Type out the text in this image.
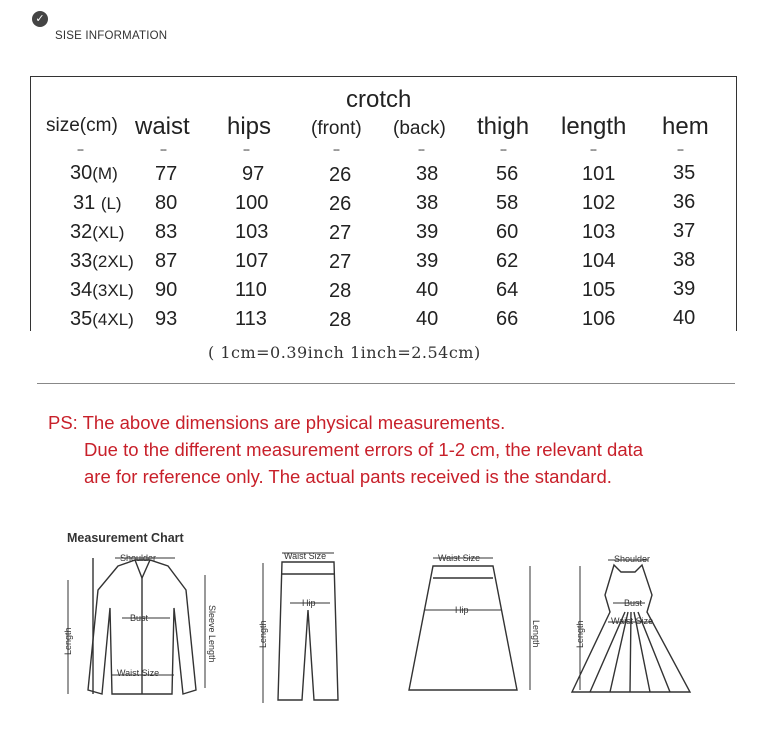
✓
SISE INFORMATION
crotch
size(cm) waist hips (front) (back) thigh length hem
--	--	--	--	--	--	--	--
30(M) 77	97	26	38	56	101	35
31 (L) 80	100	26	38	58	102	36
32(XL) 83	103	27	39	60	103	37
33(2XL) 87	107	27	39	62	104	38
34(3XL) 90	110	28	40	64	105	39
35(4XL) 93	113	28	40	66	106	40
( 1cm=0.39inch 1inch=2.54cm)
PS: The above dimensions are physical measurements.
Due to the different measurement errors of 1-2 cm, the relevant data
are for reference only. The actual pants received is the standard.
Measurement Chart
Shoulder
Bust
Waist Size
Length	Sleeve Length
Waist Size
Hip
Length
Waist Size
Hip
Length
Shoulder
Bust
Waist Size
Length
